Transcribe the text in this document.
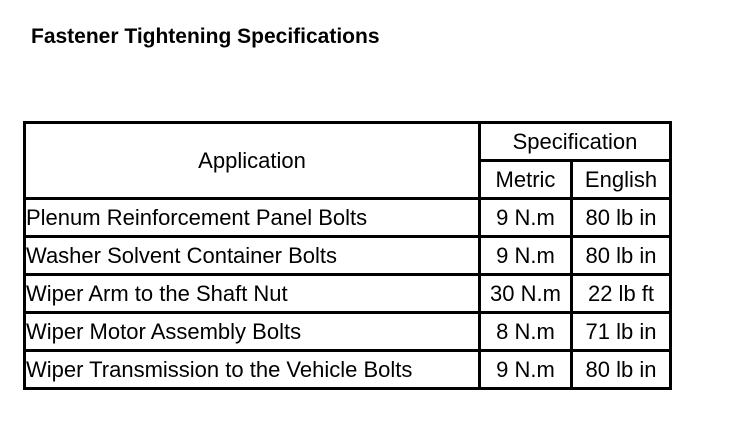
Fastener Tightening Specifications
Application	Specification	
	Metric	English
Plenum Reinforcement Panel Bolts	9 N.m	80 lb in
Washer Solvent Container Bolts	9 N.m	80 lb in
Wiper Arm to the Shaft Nut	30 N.m	22 lb ft
Wiper Motor Assembly Bolts	8 N.m	71 lb in
Wiper Transmission to the Vehicle Bolts	9 N.m	80 lb in
